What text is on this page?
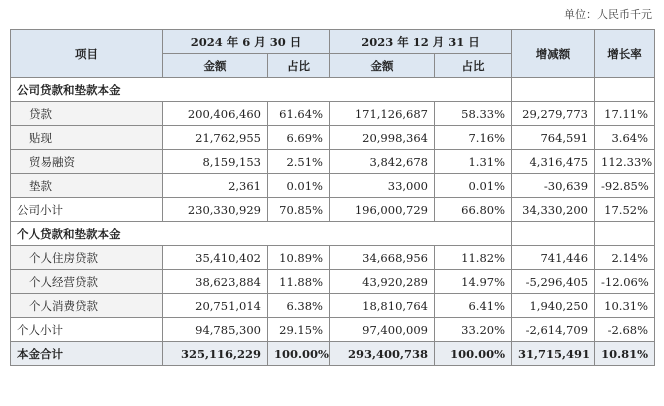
单位：人民币千元
项目	2024 年 6 月 30 日		2023 年 12 月 31 日		增减额	增长率
	金额	占比	金额	占比		
公司贷款和垫款本金						
贷款	200,406,460	61.64%	171,126,687	58.33%	29,279,773	17.11%
贴现	21,762,955	6.69%	20,998,364	7.16%	764,591	3.64%
贸易融资	8,159,153	2.51%	3,842,678	1.31%	4,316,475	112.33%
垫款	2,361	0.01%	33,000	0.01%	-30,639	-92.85%
公司小计	230,330,929	70.85%	196,000,729	66.80%	34,330,200	17.52%
个人贷款和垫款本金						
个人住房贷款	35,410,402	10.89%	34,668,956	11.82%	741,446	2.14%
个人经营贷款	38,623,884	11.88%	43,920,289	14.97%	-5,296,405	-12.06%
个人消费贷款	20,751,014	6.38%	18,810,764	6.41%	1,940,250	10.31%
个人小计	94,785,300	29.15%	97,400,009	33.20%	-2,614,709	-2.68%
本金合计	325,116,229	100.00%	293,400,738	100.00%	31,715,491	10.81%
